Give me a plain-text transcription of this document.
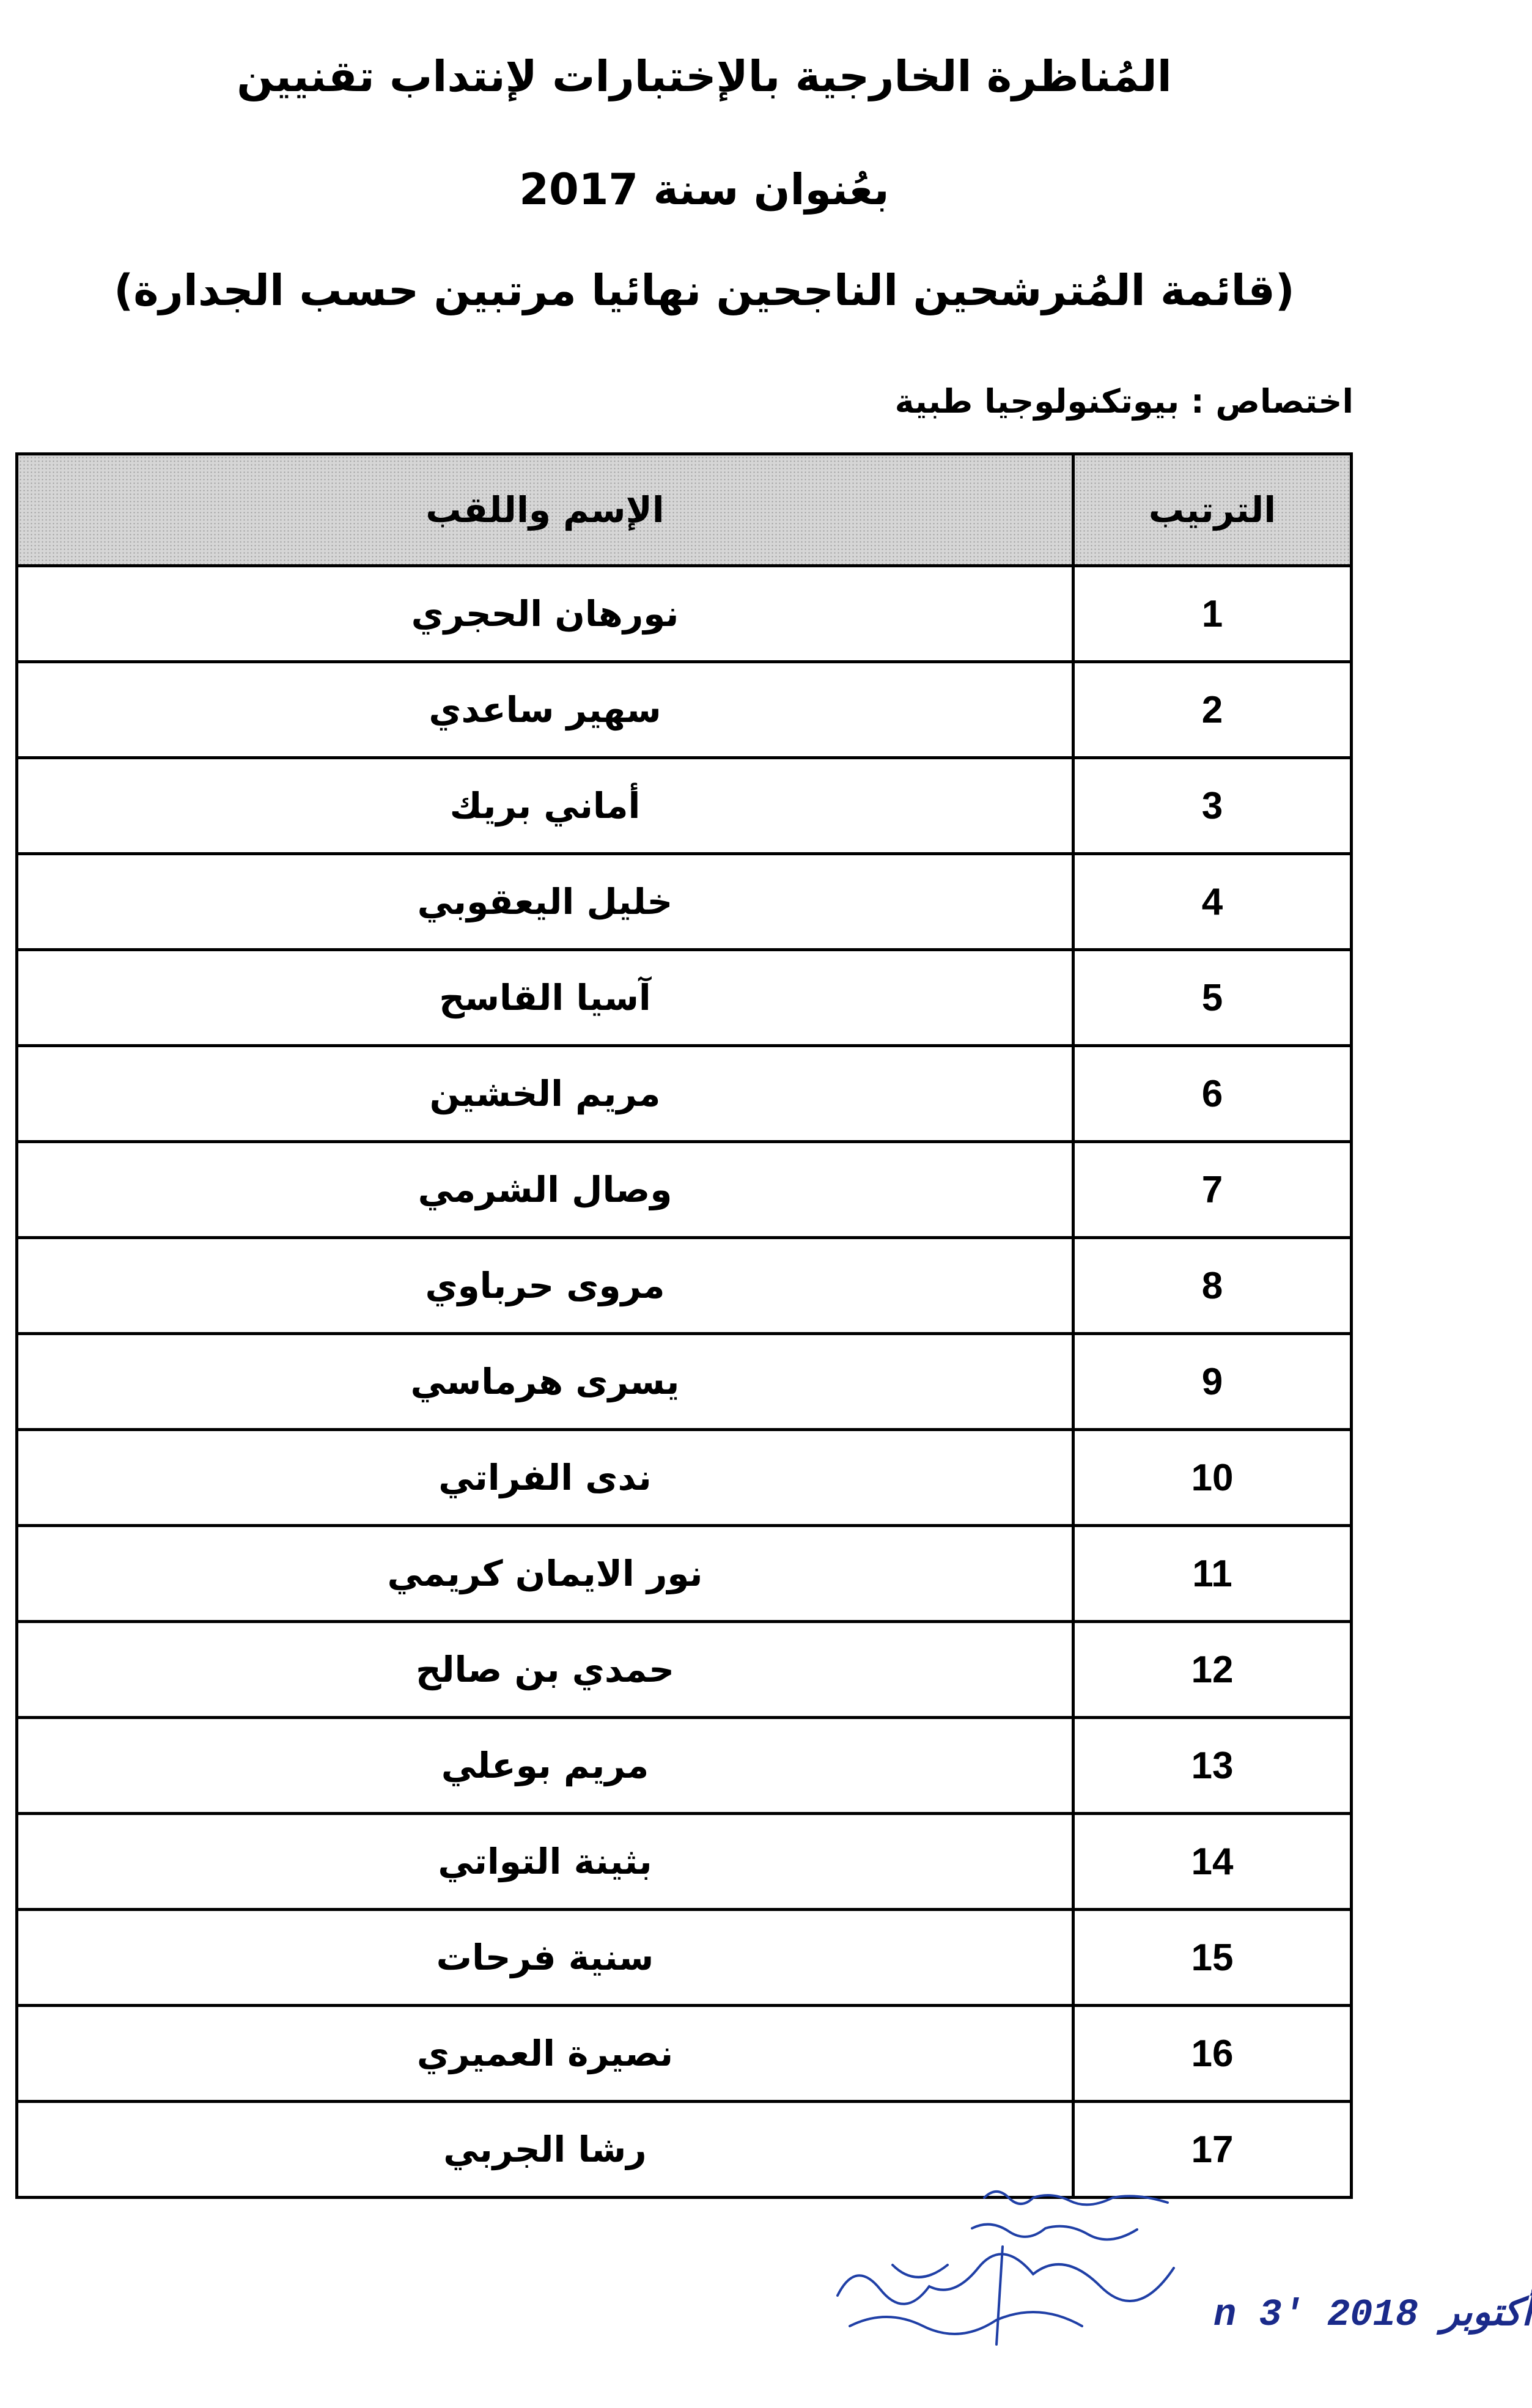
المُناظرة الخارجية بالإختبارات لإنتداب تقنيين
بعُنوان سنة 2017
(قائمة المُترشحين الناجحين نهائيا مرتبين حسب الجدارة)
اختصاص : بيوتكنولوجيا طبية
الترتيب	الإسم واللقب
1	نورهان الحجري
2	سهير ساعدي
3	أماني بريك
4	خليل اليعقوبي
5	آسيا القاسح
6	مريم الخشين
7	وصال الشرمي
8	مروى حرباوي
9	يسرى هرماسي
10	ندى الفراتي
11	نور الايمان كريمي
12	حمدي بن صالح
13	مريم بوعلي
14	بثينة التواتي
15	سنية فرحات
16	نصيرة العميري
17	رشا الجربي
n 3' أكتوبر 2018
